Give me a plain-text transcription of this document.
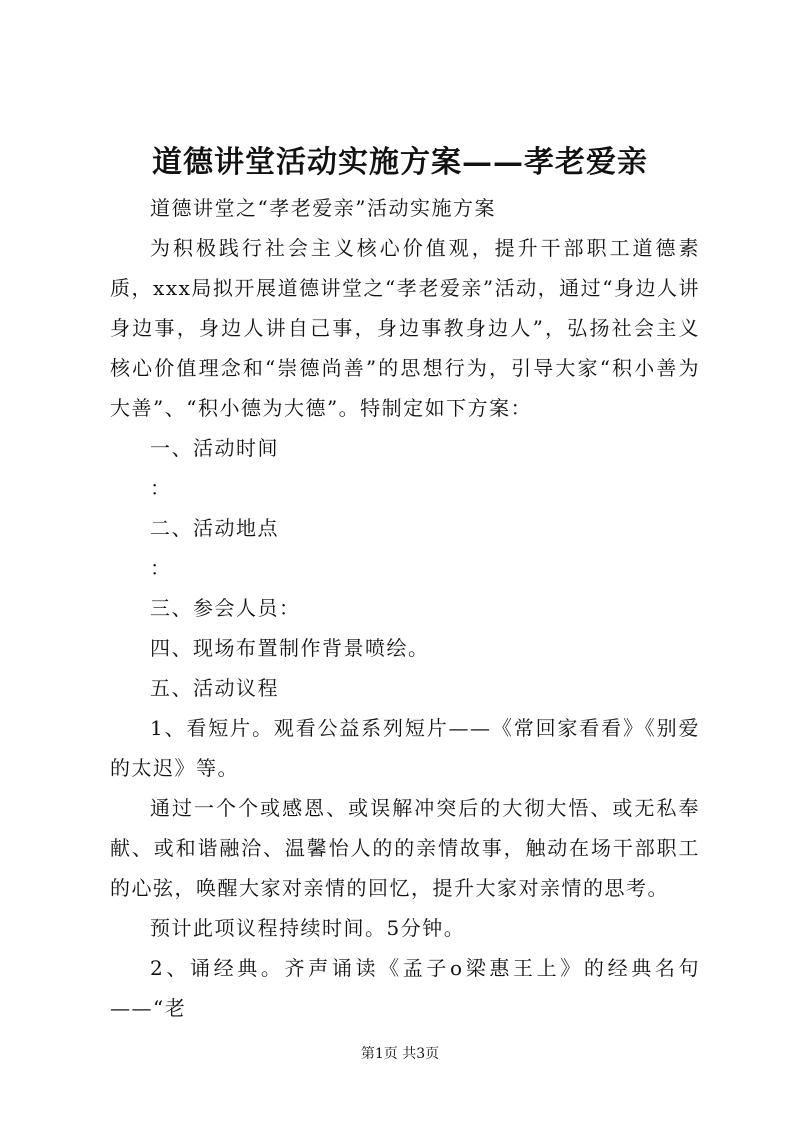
道德讲堂活动实施方案——孝老爱亲

道德讲堂之“孝老爱亲”活动实施方案

为积极践行社会主义核心价值观，提升干部职工道德素质，xxx局拟开展道德讲堂之“孝老爱亲”活动，通过“身边人讲身边事，身边人讲自己事，身边事教身边人”，弘扬社会主义核心价值理念和“崇德尚善”的思想行为，引导大家“积小善为大善”、“积小德为大德”。特制定如下方案：

一、活动时间

：

二、活动地点

：

三、参会人员：

四、现场布置制作背景喷绘。

五、活动议程

1、看短片。观看公益系列短片——《常回家看看》《别爱的太迟》等。

通过一个个或感恩、或误解冲突后的大彻大悟、或无私奉献、或和谐融洽、温馨怡人的的亲情故事，触动在场干部职工的心弦，唤醒大家对亲情的回忆，提升大家对亲情的思考。

预计此项议程持续时间。5分钟。

2、诵经典。齐声诵读《孟子o梁惠王上》的经典名句——“老

第1页 共3页
